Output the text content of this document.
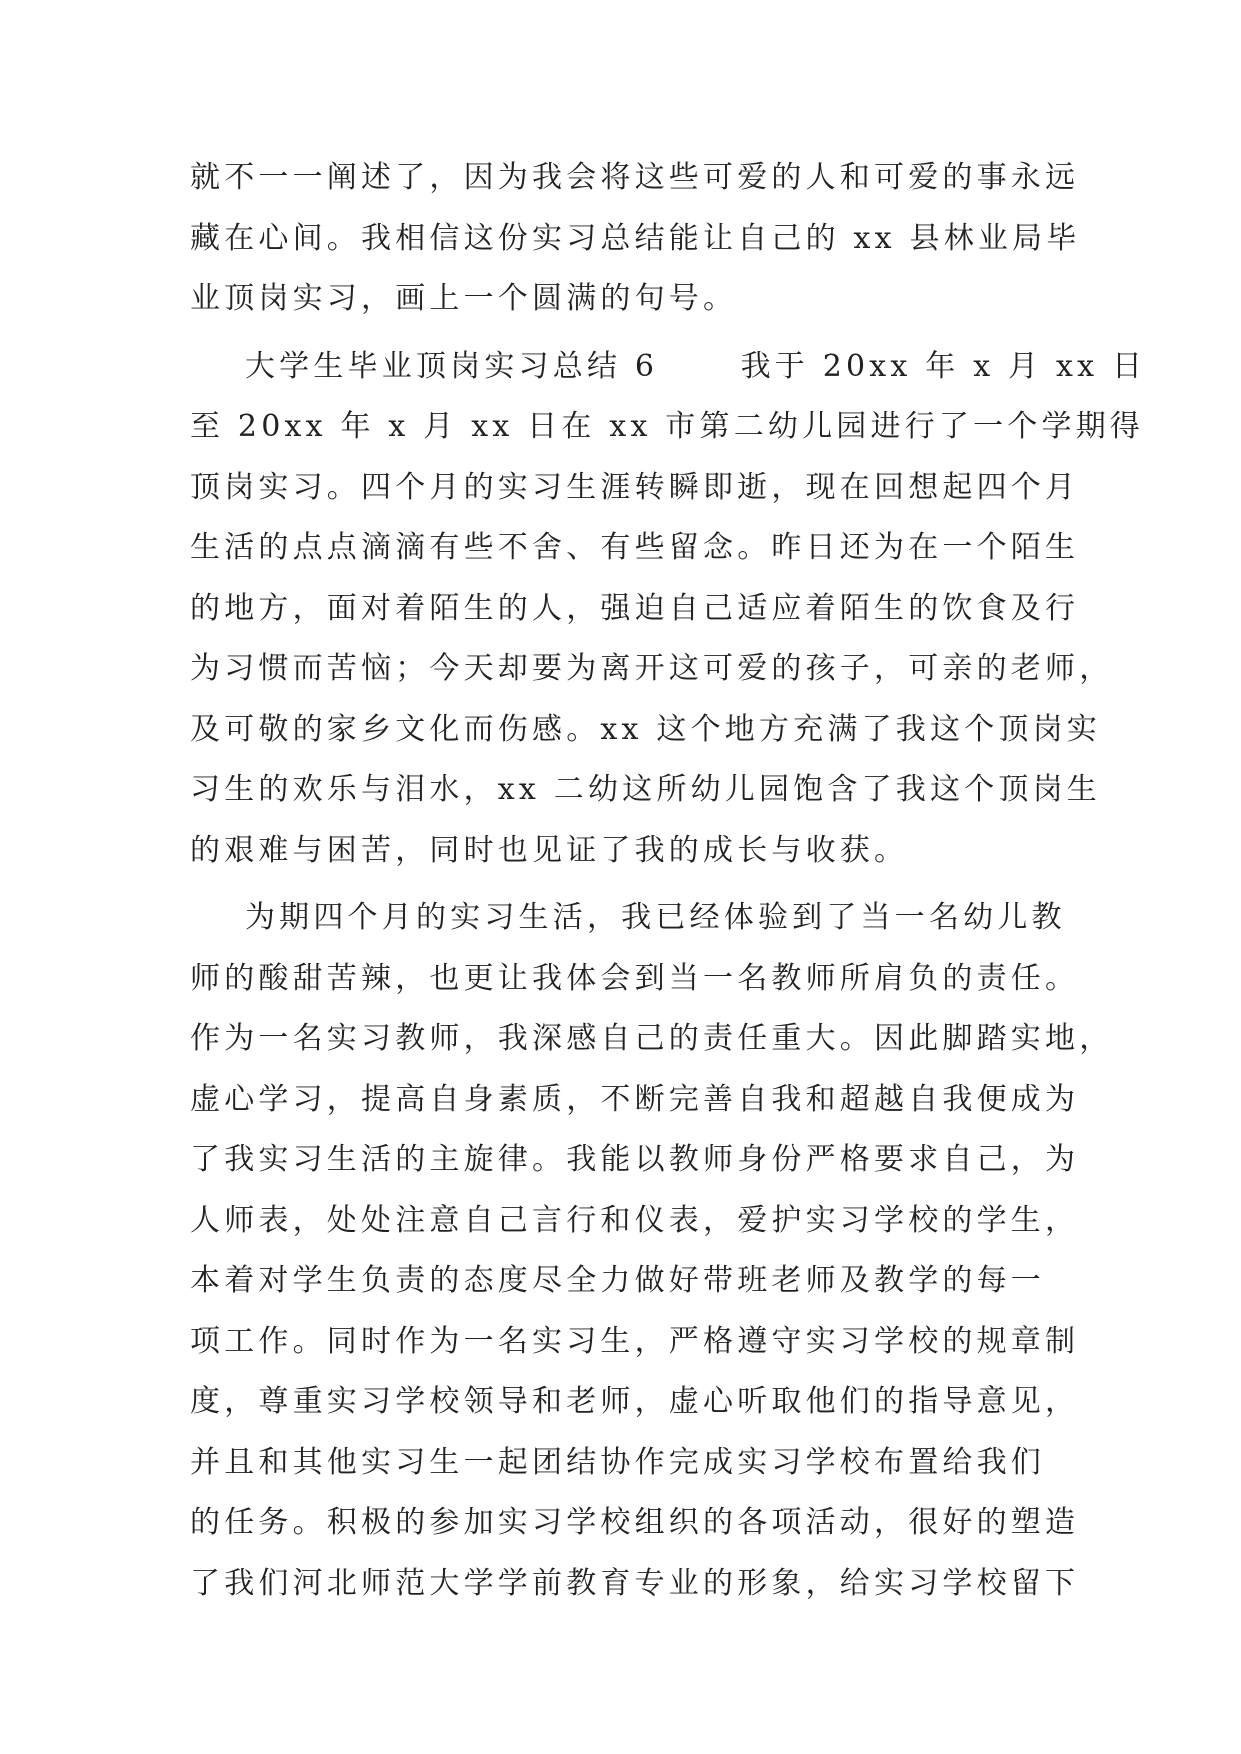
就不一一阐述了，因为我会将这些可爱的人和可爱的事永远
藏在心间。我相信这份实习总结能让自己的 xx 县林业局毕
业顶岗实习，画上一个圆满的句号。
大学生毕业顶岗实习总结 6      我于 20xx 年 x 月 xx 日
至 20xx 年 x 月 xx 日在 xx 市第二幼儿园进行了一个学期得
顶岗实习。四个月的实习生涯转瞬即逝，现在回想起四个月
生活的点点滴滴有些不舍、有些留念。昨日还为在一个陌生
的地方，面对着陌生的人，强迫自己适应着陌生的饮食及行
为习惯而苦恼；今天却要为离开这可爱的孩子，可亲的老师，
及可敬的家乡文化而伤感。xx 这个地方充满了我这个顶岗实
习生的欢乐与泪水，xx 二幼这所幼儿园饱含了我这个顶岗生
的艰难与困苦，同时也见证了我的成长与收获。
为期四个月的实习生活，我已经体验到了当一名幼儿教
师的酸甜苦辣，也更让我体会到当一名教师所肩负的责任。
作为一名实习教师，我深感自己的责任重大。因此脚踏实地，
虚心学习，提高自身素质，不断完善自我和超越自我便成为
了我实习生活的主旋律。我能以教师身份严格要求自己，为
人师表，处处注意自己言行和仪表，爱护实习学校的学生，
本着对学生负责的态度尽全力做好带班老师及教学的每一
项工作。同时作为一名实习生，严格遵守实习学校的规章制
度，尊重实习学校领导和老师，虚心听取他们的指导意见，
并且和其他实习生一起团结协作完成实习学校布置给我们
的任务。积极的参加实习学校组织的各项活动，很好的塑造
了我们河北师范大学学前教育专业的形象，给实习学校留下
